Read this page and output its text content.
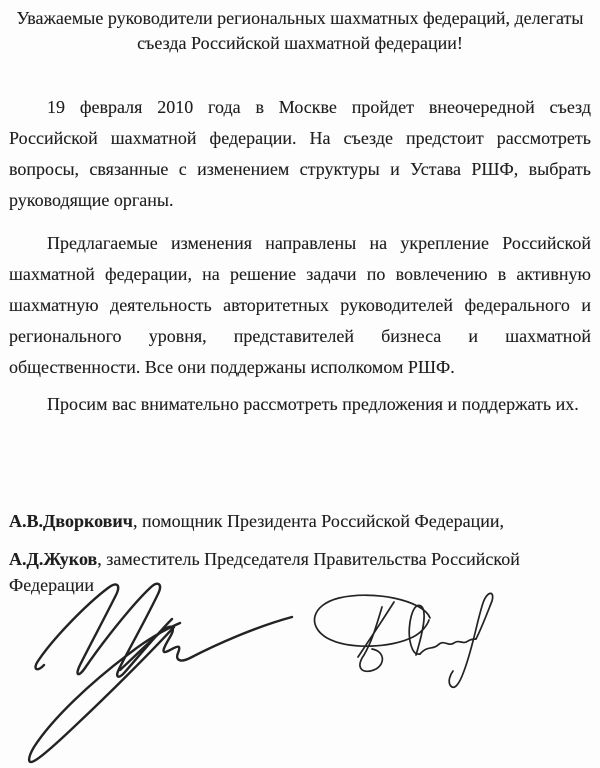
Уважаемые руководители региональных шахматных федераций, делегаты
съезда Российской шахматной федерации!
19 февраля 2010 года в Москве пройдет внеочередной съезд
Российской шахматной федерации. На съезде предстоит рассмотреть
вопросы, связанные с изменением структуры и Устава РШФ, выбрать
руководящие органы.
Предлагаемые изменения направлены на укрепление Российской
шахматной федерации, на решение задачи по вовлечению в активную
шахматную деятельность авторитетных руководителей федерального и
регионального уровня, представителей бизнеса и шахматной
общественности. Все они поддержаны исполкомом РШФ.
Просим вас внимательно рассмотреть предложения и поддержать их.
А.В.Дворкович, помощник Президента Российской Федерации,
А.Д.Жуков, заместитель Председателя Правительства Российской
Федерации
